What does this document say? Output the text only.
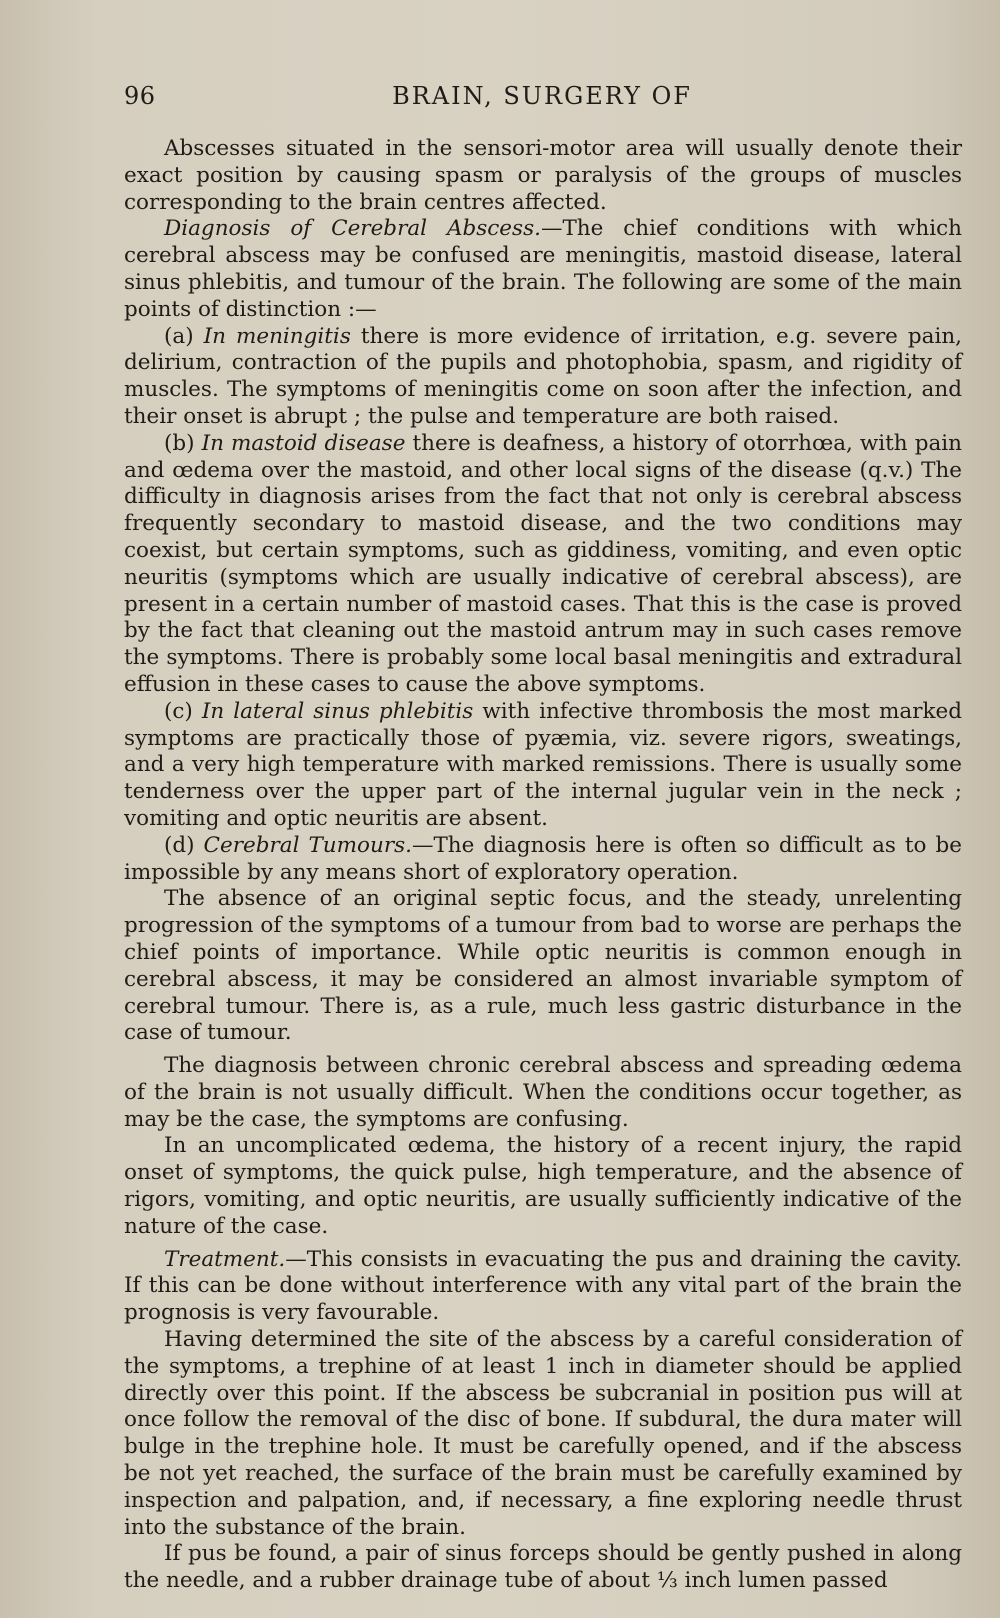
96	BRAIN, SURGERY OF

Abscesses situated in the sensori-motor area will usually denote their exact position by causing spasm or paralysis of the groups of muscles corresponding to the brain centres affected.

Diagnosis of Cerebral Abscess.—The chief conditions with which cerebral abscess may be confused are meningitis, mastoid disease, lateral sinus phlebitis, and tumour of the brain. The following are some of the main points of distinction :—

(a) In meningitis there is more evidence of irritation, e.g. severe pain, delirium, contraction of the pupils and photophobia, spasm, and rigidity of muscles. The symptoms of meningitis come on soon after the infection, and their onset is abrupt ; the pulse and temperature are both raised.

(b) In mastoid disease there is deafness, a history of otorrhœa, with pain and œdema over the mastoid, and other local signs of the disease (q.v.) The difficulty in diagnosis arises from the fact that not only is cerebral abscess frequently secondary to mastoid disease, and the two conditions may coexist, but certain symptoms, such as giddiness, vomiting, and even optic neuritis (symptoms which are usually indicative of cerebral abscess), are present in a certain number of mastoid cases. That this is the case is proved by the fact that cleaning out the mastoid antrum may in such cases remove the symptoms. There is probably some local basal meningitis and extradural effusion in these cases to cause the above symptoms.

(c) In lateral sinus phlebitis with infective thrombosis the most marked symptoms are practically those of pyæmia, viz. severe rigors, sweatings, and a very high temperature with marked remissions. There is usually some tenderness over the upper part of the internal jugular vein in the neck ; vomiting and optic neuritis are absent.

(d) Cerebral Tumours.—The diagnosis here is often so difficult as to be impossible by any means short of exploratory operation.

The absence of an original septic focus, and the steady, unrelenting progression of the symptoms of a tumour from bad to worse are perhaps the chief points of importance. While optic neuritis is common enough in cerebral abscess, it may be considered an almost invariable symptom of cerebral tumour. There is, as a rule, much less gastric disturbance in the case of tumour.

The diagnosis between chronic cerebral abscess and spreading œdema of the brain is not usually difficult. When the conditions occur together, as may be the case, the symptoms are confusing.

In an uncomplicated œdema, the history of a recent injury, the rapid onset of symptoms, the quick pulse, high temperature, and the absence of rigors, vomiting, and optic neuritis, are usually sufficiently indicative of the nature of the case.

Treatment.—This consists in evacuating the pus and draining the cavity. If this can be done without interference with any vital part of the brain the prognosis is very favourable.

Having determined the site of the abscess by a careful consideration of the symptoms, a trephine of at least 1 inch in diameter should be applied directly over this point. If the abscess be subcranial in position pus will at once follow the removal of the disc of bone. If subdural, the dura mater will bulge in the trephine hole. It must be carefully opened, and if the abscess be not yet reached, the surface of the brain must be carefully examined by inspection and palpation, and, if necessary, a fine exploring needle thrust into the substance of the brain.

If pus be found, a pair of sinus forceps should be gently pushed in along the needle, and a rubber drainage tube of about ⅓ inch lumen passed
